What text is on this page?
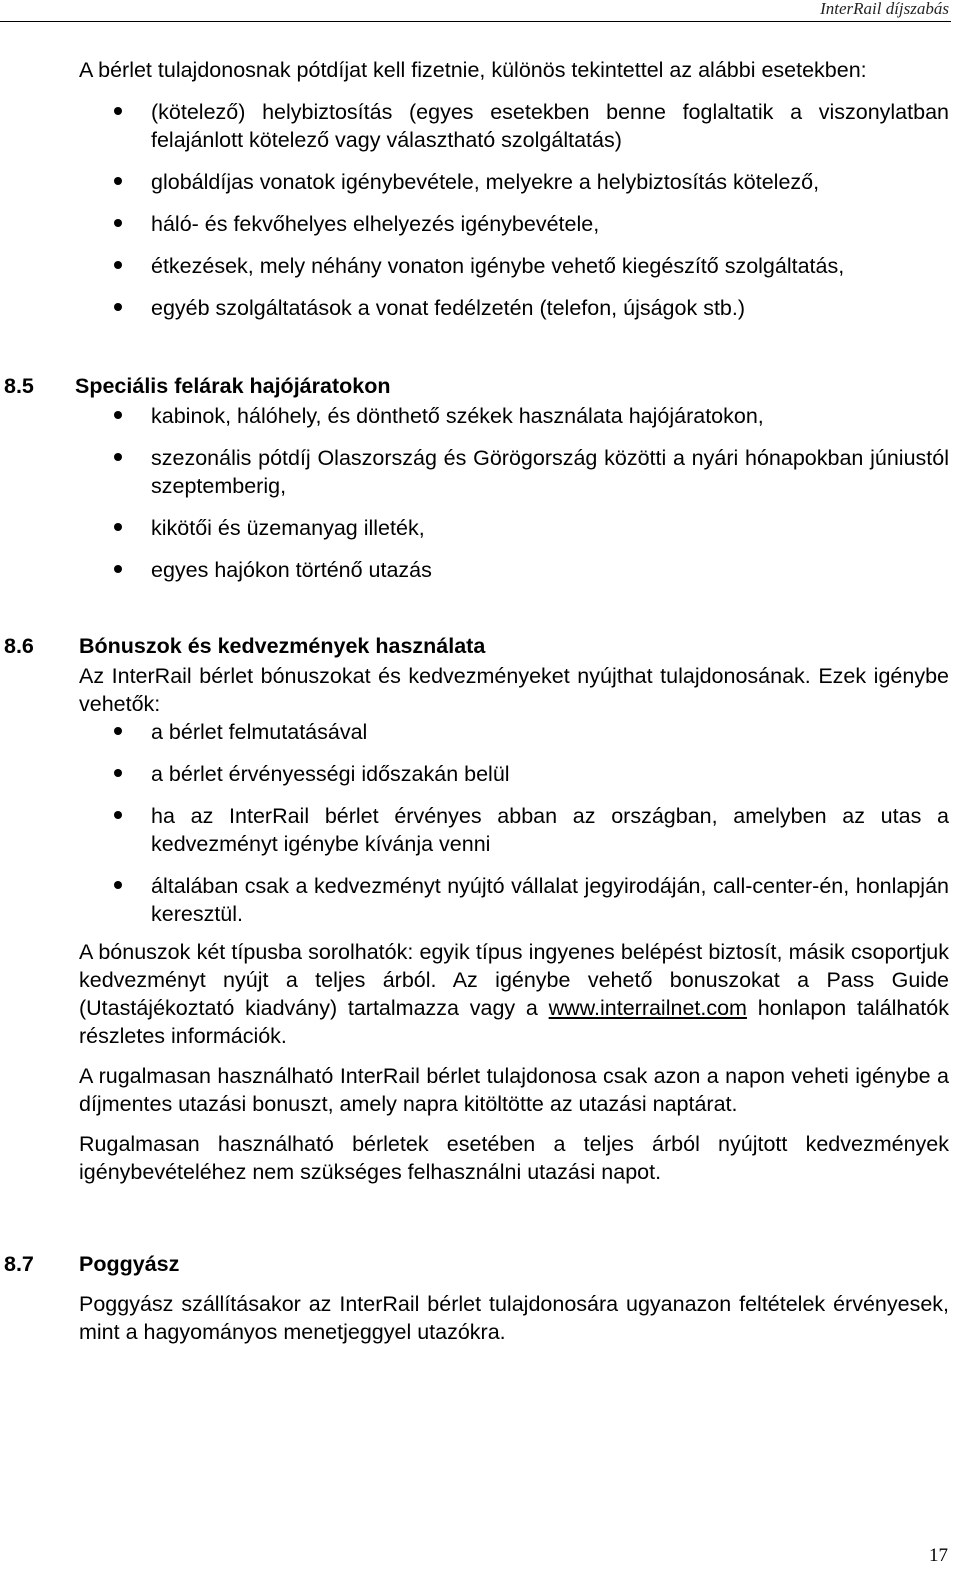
InterRail díjszabás

A bérlet tulajdonosnak pótdíjat kell fizetnie, különös tekintettel az alábbi esetekben:

(kötelező) helybiztosítás (egyes esetekben benne foglaltatik a viszonylatban felajánlott kötelező vagy választható szolgáltatás)
globáldíjas vonatok igénybevétele, melyekre a helybiztosítás kötelező,
háló- és fekvőhelyes elhelyezés igénybevétele,
étkezések, mely néhány vonaton igénybe vehető kiegészítő szolgáltatás,
egyéb szolgáltatások a vonat fedélzetén (telefon, újságok stb.)
8.5 Speciális felárak hajójáratokon
kabinok, hálóhely, és dönthető székek használata hajójáratokon,
szezonális pótdíj Olaszország és Görögország közötti a nyári hónapokban júniustól szeptemberig,
kikötői és üzemanyag illeték,
egyes hajókon történő utazás
8.6 Bónuszok és kedvezmények használata

Az InterRail bérlet bónuszokat és kedvezményeket nyújthat tulajdonosának. Ezek igénybe vehetők:

a bérlet felmutatásával
a bérlet érvényességi időszakán belül
ha az InterRail bérlet érvényes abban az országban, amelyben az utas a kedvezményt igénybe kívánja venni
általában csak a kedvezményt nyújtó vállalat jegyirodáján, call-center-én, honlapján keresztül.

A bónuszok két típusba sorolhatók: egyik típus ingyenes belépést biztosít, másik csoportjuk kedvezményt nyújt a teljes árból. Az igénybe vehető bonuszokat a Pass Guide (Utastájékoztató kiadvány) tartalmazza vagy a www.interrailnet.com honlapon találhatók részletes információk.

A rugalmasan használható InterRail bérlet tulajdonosa csak azon a napon veheti igénybe a díjmentes utazási bonuszt, amely napra kitöltötte az utazási naptárat.

Rugalmasan használható bérletek esetében a teljes árból nyújtott kedvezmények igénybevételéhez nem szükséges felhasználni utazási napot.

8.7 Poggyász

Poggyász szállításakor az InterRail bérlet tulajdonosára ugyanazon feltételek érvényesek, mint a hagyományos menetjeggyel utazókra.

17
